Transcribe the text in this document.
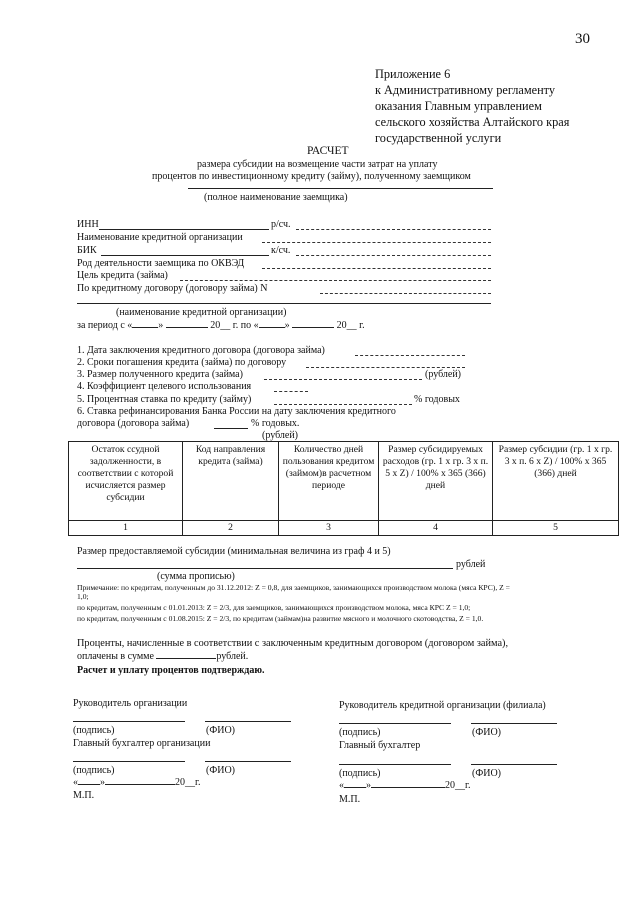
30
Приложение 6
к Административному регламенту
оказания Главным управлением
сельского хозяйства Алтайского края
государственной услуги
РАСЧЕТ
размера субсидии на возмещение части затрат на уплату
процентов по инвестиционному кредиту (займу), полученному заемщиком
(полное наименование заемщика)
ИНН	р/сч.
Наименование кредитной организации
БИК	к/сч.
Род деятельности заемщика по ОКВЭД
Цель кредита (займа)
По кредитному договору (договору займа) N
(наименование кредитной организации)
за период с «	»	20__ г. по «	»	20__ г.
1. Дата заключения кредитного договора (договора займа)
2. Сроки погашения кредита (займа) по договору
3. Размер полученного кредита (займа)	(рублей)
4. Коэффициент целевого использования
5. Процентная ставка по кредиту (займу)	% годовых
6. Ставка рефинансирования Банка России на дату заключения кредитного
договора (договора займа)	% годовых.
(рублей)
Остаток ссудной задолженности, в соответствии с которой исчисляется размер субсидии	Код направления кредита (займа)	Количество дней пользования кредитом (займом)в расчетном периоде	Размер субсидируемых расходов (гр. 1 x гр. 3 x п. 5 x Z) / 100% x 365 (366) дней	Размер субсидии (гр. 1 x гр. 3 x п. 6 x Z) / 100% x 365 (366) дней
1	2	3	4	5
Размер предоставляемой субсидии (минимальная величина из граф 4 и 5)
рублей
(сумма прописью)
Примечание: по кредитам, полученным до 31.12.2012: Z = 0,8, для заемщиков, занимающихся производством молока (мяса КРС), Z =
1,0;
по кредитам, полученным с 01.01.2013: Z = 2/3, для заемщиков, занимающихся производством молока, мяса КРС Z = 1,0;
по кредитам, полученным с 01.08.2015: Z = 2/3, по кредитам (займам)на развитие мясного и молочного скотоводства, Z = 1,0.
Проценты, начисленные в соответствии с заключенным кредитным договором (договором займа),
оплачены в сумме	рублей.
Расчет и уплату процентов подтверждаю.
Руководитель организации
(подпись)	(ФИО)
Главный бухгалтер организации
(подпись)	(ФИО)
« »	20__г.
М.П.
Руководитель кредитной организации (филиала)
(подпись)	(ФИО)
Главный бухгалтер
(подпись)	(ФИО)
« »	20__г.
М.П.
